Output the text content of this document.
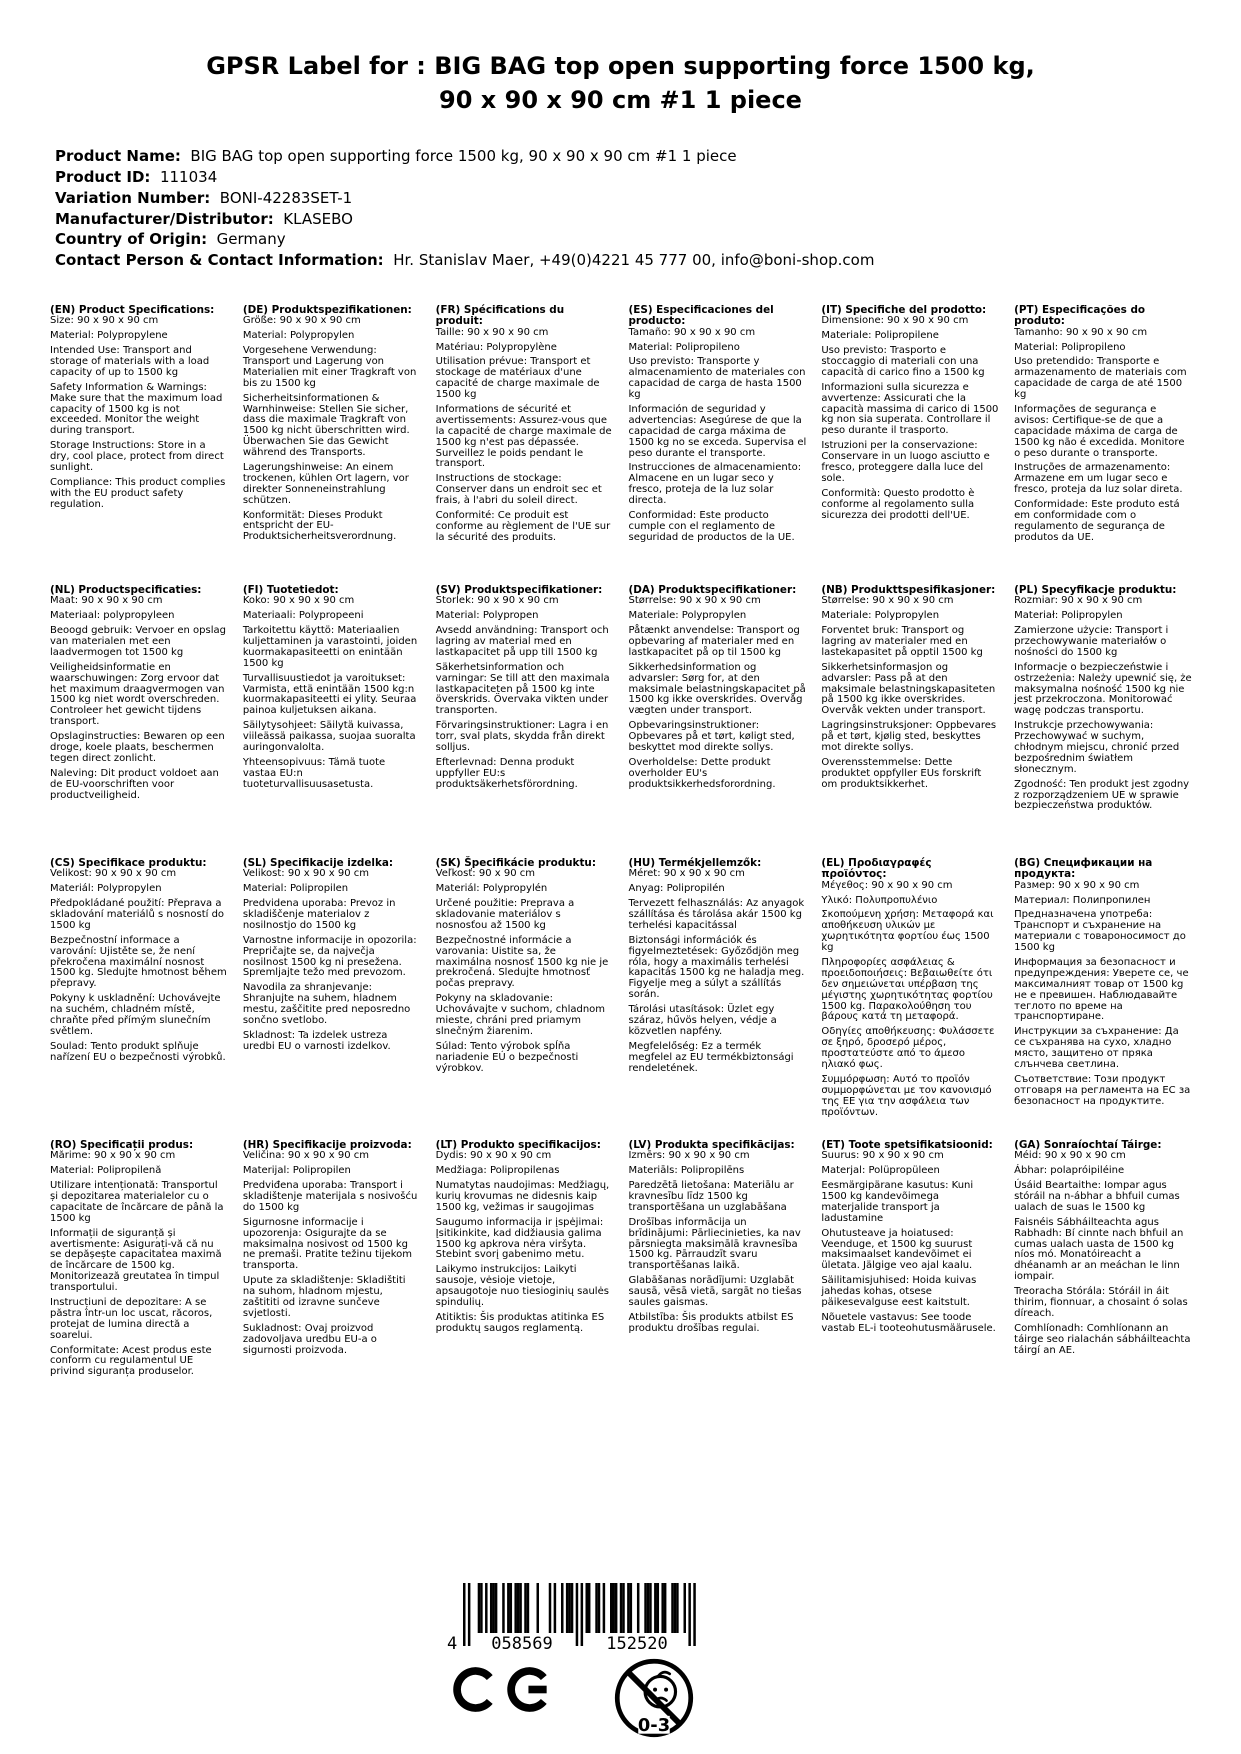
GPSR Label for : BIG BAG top open supporting force 1500 kg, 90 x 90 x 90 cm #1 1 piece
Product Name:  BIG BAG top open supporting force 1500 kg, 90 x 90 x 90 cm #1 1 piece
Product ID:  111034
Variation Number:  BONI-42283SET-1
Manufacturer/Distributor:  KLASEBO
Country of Origin:  Germany
Contact Person & Contact Information:  Hr. Stanislav Maer, +49(0)4221 45 777 00, info@boni-shop.com
(EN) Product Specifications:

Size: 90 x 90 x 90 cm

Material: Polypropylene

Intended Use: Transport and storage of materials with a load capacity of up to 1500 kg

Safety Information & Warnings: Make sure that the maximum load capacity of 1500 kg is not exceeded. Monitor the weight during transport.

Storage Instructions: Store in a dry, cool place, protect from direct sunlight.

Compliance: This product complies with the EU product safety regulation.

(DE) Produktspezifikationen:

Größe: 90 x 90 x 90 cm

Material: Polypropylen

Vorgesehene Verwendung: Transport und Lagerung von Materialien mit einer Tragkraft von bis zu 1500 kg

Sicherheitsinformationen & Warnhinweise: Stellen Sie sicher, dass die maximale Tragkraft von 1500 kg nicht überschritten wird. Überwachen Sie das Gewicht während des Transports.

Lagerungshinweise: An einem trockenen, kühlen Ort lagern, vor direkter Sonneneinstrahlung schützen.

Konformität: Dieses Produkt entspricht der EU-Produktsicherheitsverordnung.

(FR) Spécifications du produit:

Taille: 90 x 90 x 90 cm

Matériau: Polypropylène

Utilisation prévue: Transport et stockage de matériaux d'une capacité de charge maximale de 1500 kg

Informations de sécurité et avertissements: Assurez-vous que la capacité de charge maximale de 1500 kg n'est pas dépassée. Surveillez le poids pendant le transport.

Instructions de stockage: Conserver dans un endroit sec et frais, à l'abri du soleil direct.

Conformité: Ce produit est conforme au règlement de l'UE sur la sécurité des produits.

(ES) Especificaciones del producto:

Tamaño: 90 x 90 x 90 cm

Material: Polipropileno

Uso previsto: Transporte y almacenamiento de materiales con capacidad de carga de hasta 1500 kg

Información de seguridad y advertencias: Asegúrese de que la capacidad de carga máxima de 1500 kg no se exceda. Supervisa el peso durante el transporte.

Instrucciones de almacenamiento: Almacene en un lugar seco y fresco, proteja de la luz solar directa.

Conformidad: Este producto cumple con el reglamento de seguridad de productos de la UE.

(IT) Specifiche del prodotto:

Dimensione: 90 x 90 x 90 cm

Materiale: Polipropilene

Uso previsto: Trasporto e stoccaggio di materiali con una capacità di carico fino a 1500 kg

Informazioni sulla sicurezza e avvertenze: Assicurati che la capacità massima di carico di 1500 kg non sia superata. Controllare il peso durante il trasporto.

Istruzioni per la conservazione: Conservare in un luogo asciutto e fresco, proteggere dalla luce del sole.

Conformità: Questo prodotto è conforme al regolamento sulla sicurezza dei prodotti dell'UE.

(PT) Especificações do produto:

Tamanho: 90 x 90 x 90 cm

Material: Polipropileno

Uso pretendido: Transporte e armazenamento de materiais com capacidade de carga de até 1500 kg

Informações de segurança e avisos: Certifique-se de que a capacidade máxima de carga de 1500 kg não é excedida. Monitore o peso durante o transporte.

Instruções de armazenamento: Armazene em um lugar seco e fresco, proteja da luz solar direta.

Conformidade: Este produto está em conformidade com o regulamento de segurança de produtos da UE.

(NL) Productspecificaties:

Maat: 90 x 90 x 90 cm

Materiaal: polypropyleen

Beoogd gebruik: Vervoer en opslag van materialen met een laadvermogen tot 1500 kg

Veiligheidsinformatie en waarschuwingen: Zorg ervoor dat het maximum draagvermogen van 1500 kg niet wordt overschreden. Controleer het gewicht tijdens transport.

Opslaginstructies: Bewaren op een droge, koele plaats, beschermen tegen direct zonlicht.

Naleving: Dit product voldoet aan de EU-voorschriften voor productveiligheid.

(FI) Tuotetiedot:

Koko: 90 x 90 x 90 cm

Materiaali: Polypropeeni

Tarkoitettu käyttö: Materiaalien kuljettaminen ja varastointi, joiden kuormakapasiteetti on enintään 1500 kg

Turvallisuustiedot ja varoitukset: Varmista, että enintään 1500 kg:n kuormakapasiteetti ei ylity. Seuraa painoa kuljetuksen aikana.

Säilytysohjeet: Säilytä kuivassa, viileässä paikassa, suojaa suoralta auringonvalolta.

Yhteensopivuus: Tämä tuote vastaa EU:n tuoteturvallisuusasetusta.

(SV) Produktspecifikationer:

Storlek: 90 x 90 x 90 cm

Material: Polypropen

Avsedd användning: Transport och lagring av material med en lastkapacitet på upp till 1500 kg

Säkerhetsinformation och varningar: Se till att den maximala lastkapaciteten på 1500 kg inte överskrids. Övervaka vikten under transporten.

Förvaringsinstruktioner: Lagra i en torr, sval plats, skydda från direkt solljus.

Efterlevnad: Denna produkt uppfyller EU:s produktsäkerhetsförordning.

(DA) Produktspecifikationer:

Størrelse: 90 x 90 x 90 cm

Materiale: Polypropylen

Påtænkt anvendelse: Transport og opbevaring af materialer med en lastkapacitet på op til 1500 kg

Sikkerhedsinformation og advarsler: Sørg for, at den maksimale belastningskapacitet på 1500 kg ikke overskrides. Overvåg vægten under transport.

Opbevaringsinstruktioner: Opbevares på et tørt, køligt sted, beskyttet mod direkte sollys.

Overholdelse: Dette produkt overholder EU's produktsikkerhedsforordning.

(NB) Produkttspesifikasjoner:

Størrelse: 90 x 90 x 90 cm

Materiale: Polypropylen

Forventet bruk: Transport og lagring av materialer med en lastekapasitet på opptil 1500 kg

Sikkerhetsinformasjon og advarsler: Pass på at den maksimale belastningskapasiteten på 1500 kg ikke overskrides. Overvåk vekten under transport.

Lagringsinstruksjoner: Oppbevares på et tørt, kjølig sted, beskyttes mot direkte sollys.

Overensstemmelse: Dette produktet oppfyller EUs forskrift om produktsikkerhet.

(PL) Specyfikacje produktu:

Rozmiar: 90 x 90 x 90 cm

Materiał: Polipropylen

Zamierzone użycie: Transport i przechowywanie materiałów o nośności do 1500 kg

Informacje o bezpieczeństwie i ostrzeżenia: Należy upewnić się, że maksymalna nośność 1500 kg nie jest przekroczona. Monitorować wagę podczas transportu.

Instrukcje przechowywania: Przechowywać w suchym, chłodnym miejscu, chronić przed bezpośrednim światłem słonecznym.

Zgodność: Ten produkt jest zgodny z rozporządzeniem UE w sprawie bezpieczeństwa produktów.

(CS) Specifikace produktu:

Velikost: 90 x 90 x 90 cm

Materiál: Polypropylen

Předpokládané použití: Přeprava a skladování materiálů s nosností do 1500 kg

Bezpečnostní informace a varování: Ujistěte se, že není překročena maximální nosnost 1500 kg. Sledujte hmotnost během přepravy.

Pokyny k uskladnění: Uchovávejte na suchém, chladném místě, chraňte před přímým slunečním světlem.

Soulad: Tento produkt splňuje nařízení EU o bezpečnosti výrobků.

(SL) Specifikacije izdelka:

Velikost: 90 x 90 x 90 cm

Material: Polipropilen

Predvidena uporaba: Prevoz in skladiščenje materialov z nosilnostjo do 1500 kg

Varnostne informacije in opozorila: Prepričajte se, da največja nosilnost 1500 kg ni presežena. Spremljajte težo med prevozom.

Navodila za shranjevanje: Shranjujte na suhem, hladnem mestu, zaščitite pred neposredno sončno svetlobo.

Skladnost: Ta izdelek ustreza uredbi EU o varnosti izdelkov.

(SK) Špecifikácie produktu:

Veľkosť: 90 x 90 cm

Materiál: Polypropylén

Určené použitie: Preprava a skladovanie materiálov s nosnosťou až 1500 kg

Bezpečnostné informácie a varovania: Uistite sa, že maximálna nosnosť 1500 kg nie je prekročená. Sledujte hmotnosť počas prepravy.

Pokyny na skladovanie: Uchovávajte v suchom, chladnom mieste, chráni pred priamym slnečným žiarenim.

Súlad: Tento výrobok spĺňa nariadenie EÚ o bezpečnosti výrobkov.

(HU) Termékjellemzők:

Méret: 90 x 90 x 90 cm

Anyag: Polipropilén

Tervezett felhasználás: Az anyagok szállítása és tárolása akár 1500 kg terhelési kapacitással

Biztonsági információk és figyelmeztetések: Győződjön meg róla, hogy a maximális terhelési kapacitás 1500 kg ne haladja meg. Figyelje meg a súlyt a szállítás során.

Tárolási utasítások: Üzlet egy száraz, hűvös helyen, védje a közvetlen napfény.

Megfelelőség: Ez a termék megfelel az EU termékbiztonsági rendeletének.

(EL) Προδιαγραφές προϊόντος:

Μέγεθος: 90 x 90 x 90 cm

Υλικό: Πολυπροπυλένιο

Σκοπούμενη χρήση: Μεταφορά και αποθήκευση υλικών με χωρητικότητα φορτίου έως 1500 kg

Πληροφορίες ασφάλειας & προειδοποιήσεις: Βεβαιωθείτε ότι δεν σημειώνεται υπέρβαση της μέγιστης χωρητικότητας φορτίου 1500 kg. Παρακολούθηση του βάρους κατά τη μεταφορά.

Οδηγίες αποθήκευσης: Φυλάσσετε σε ξηρό, δροσερό μέρος, προστατεύστε από το άμεσο ηλιακό φως.

Συμμόρφωση: Αυτό το προϊόν συμμορφώνεται με τον κανονισμό της ΕΕ για την ασφάλεια των προϊόντων.

(BG) Спецификации на продукта:

Размер: 90 x 90 x 90 cm

Материал: Полипропилен

Предназначена употреба: Транспорт и съхранение на материали с товароносимост до 1500 kg

Информация за безопасност и предупреждения: Уверете се, че максималният товар от 1500 kg не е превишен. Наблюдавайте теглото по време на транспортиране.

Инструкции за съхранение: Да се съхранява на сухо, хладно място, защитено от пряка слънчева светлина.

Съответствие: Този продукт отговаря на регламента на ЕС за безопасност на продуктите.

(RO) Specificații produs:

Mărime: 90 x 90 x 90 cm

Material: Polipropilenă

Utilizare intenționată: Transportul și depozitarea materialelor cu o capacitate de încărcare de până la 1500 kg

Informații de siguranță și avertismente: Asigurați-vă că nu se depășește capacitatea maximă de încărcare de 1500 kg. Monitorizează greutatea în timpul transportului.

Instrucțiuni de depozitare: A se păstra într-un loc uscat, răcoros, protejat de lumina directă a soarelui.

Conformitate: Acest produs este conform cu regulamentul UE privind siguranța produselor.

(HR) Specifikacije proizvoda:

Veličina: 90 x 90 x 90 cm

Materijal: Polipropilen

Predviđena uporaba: Transport i skladištenje materijala s nosivošću do 1500 kg

Sigurnosne informacije i upozorenja: Osigurajte da se maksimalna nosivost od 1500 kg ne premaši. Pratite težinu tijekom transporta.

Upute za skladištenje: Skladištiti na suhom, hladnom mjestu, zaštititi od izravne sunčeve svjetlosti.

Sukladnost: Ovaj proizvod zadovoljava uredbu EU-a o sigurnosti proizvoda.

(LT) Produkto specifikacijos:

Dydis: 90 x 90 x 90 cm

Medžiaga: Polipropilenas

Numatytas naudojimas: Medžiagų, kurių krovumas ne didesnis kaip 1500 kg, vežimas ir saugojimas

Saugumo informacija ir įspėjimai: Įsitikinkite, kad didžiausia galima 1500 kg apkrova nėra viršyta. Stebint svorį gabenimo metu.

Laikymo instrukcijos: Laikyti sausoje, vėsioje vietoje, apsaugotoje nuo tiesioginių saulės spindulių.

Atitiktis: Šis produktas atitinka ES produktų saugos reglamentą.

(LV) Produkta specifikācijas:

Izmērs: 90 x 90 x 90 cm

Materiāls: Polipropilēns

Paredzētā lietošana: Materiālu ar kravnesību līdz 1500 kg transportēšana un uzglabāšana

Drošības informācija un brīdinājumi: Pārliecinieties, ka nav pārsniegta maksimālā kravnesība 1500 kg. Pārraudzīt svaru transportēšanas laikā.

Glabāšanas norādījumi: Uzglabāt sausā, vēsā vietā, sargāt no tiešas saules gaismas.

Atbilstība: Šis produkts atbilst ES produktu drošības regulai.

(ET) Toote spetsifikatsioonid:

Suurus: 90 x 90 x 90 cm

Materjal: Polüpropüleen

Eesmärgipärane kasutus: Kuni 1500 kg kandevõimega materjalide transport ja ladustamine

Ohutusteave ja hoiatused: Veenduge, et 1500 kg suurust maksimaalset kandevõimet ei ületata. Jälgige veo ajal kaalu.

Säilitamisjuhised: Hoida kuivas jahedas kohas, otsese päikesevalguse eest kaitstult.

Nõuetele vastavus: See toode vastab EL-i tooteohutusmäärusele.

(GA) Sonraíochtaí Táirge:

Méid: 90 x 90 x 90 cm

Ábhar: polapróipiléine

Úsáid Beartaithe: Iompar agus stóráil na n-ábhar a bhfuil cumas ualach de suas le 1500 kg

Faisnéis Sábháilteachta agus Rabhadh: Bí cinnte nach bhfuil an cumas ualach uasta de 1500 kg níos mó. Monatóireacht a dhéanamh ar an meáchan le linn iompair.

Treoracha Stórála: Stóráil in áit thirim, fionnuar, a chosaint ó solas díreach.

Comhlíonadh: Comhlíonann an táirge seo rialachán sábháilteachta táirgí an AE.

4 058569	152520
0-3
